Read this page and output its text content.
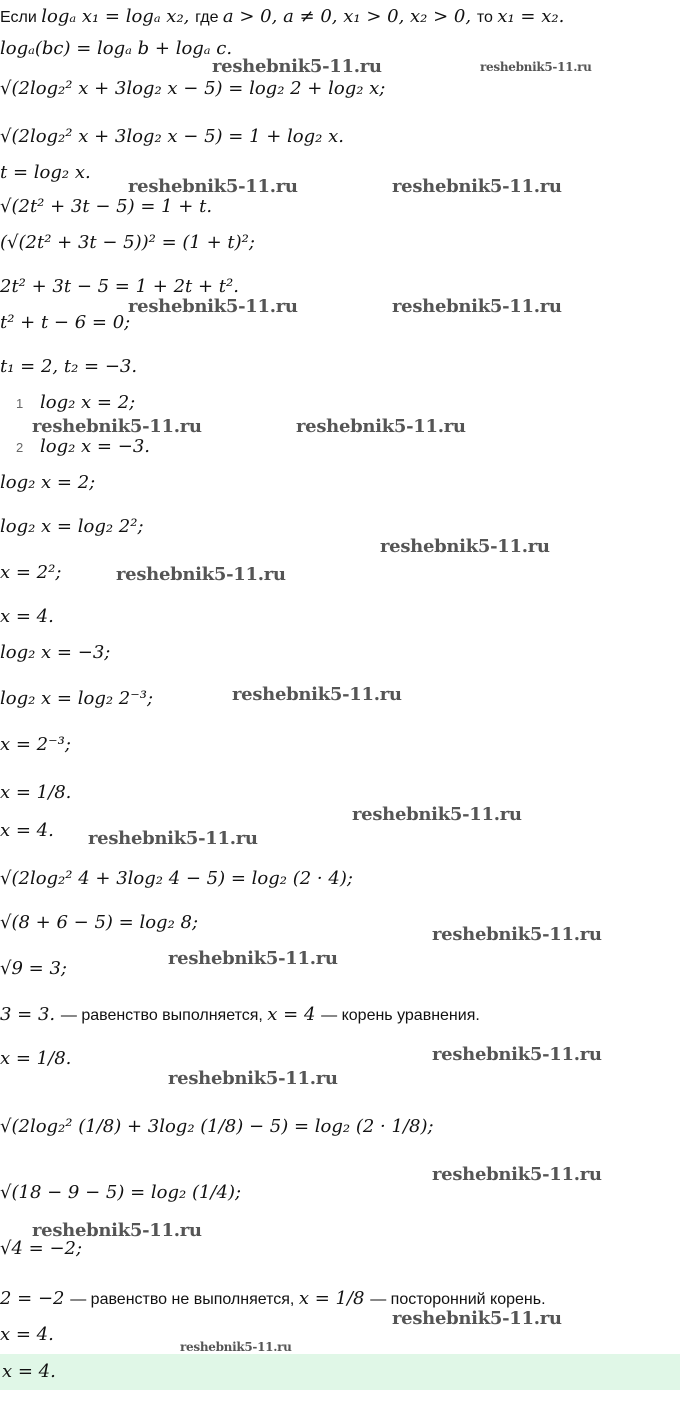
Если logₐ x₁ = logₐ x₂, где a > 0, a ≠ 0, x₁ > 0, x₂ > 0, то x₁ = x₂.
logₐ(bc) = logₐ b + logₐ c.
√(2log₂² x + 3log₂ x − 5) = log₂ 2 + log₂ x;
√(2log₂² x + 3log₂ x − 5) = 1 + log₂ x.
t = log₂ x.
√(2t² + 3t − 5) = 1 + t.
(√(2t² + 3t − 5))² = (1 + t)²;
2t² + 3t − 5 = 1 + 2t + t².
t² + t − 6 = 0;
t₁ = 2, t₂ = −3.
1 log₂ x = 2;
2 log₂ x = −3.
log₂ x = 2;
log₂ x = log₂ 2²;
x = 2²;
x = 4.
log₂ x = −3;
log₂ x = log₂ 2⁻³;
x = 2⁻³;
x = 1/8.
x = 4.
√(2log₂² 4 + 3log₂ 4 − 5) = log₂ (2 · 4);
√(8 + 6 − 5) = log₂ 8;
√9 = 3;
3 = 3. — равенство выполняется, x = 4 — корень уравнения.
x = 1/8.
√(2log₂² (1/8) + 3log₂ (1/8) − 5) = log₂ (2 · 1/8);
√(18 − 9 − 5) = log₂ (1/4);
√4 = −2;
2 = −2 — равенство не выполняется, x = 1/8 — посторонний корень.
x = 4.
x = 4.
reshebnik5-11.ru	reshebnik5-11.ru
reshebnik5-11.ru	reshebnik5-11.ru
reshebnik5-11.ru	reshebnik5-11.ru
reshebnik5-11.ru	reshebnik5-11.ru
reshebnik5-11.ru
reshebnik5-11.ru
reshebnik5-11.ru
reshebnik5-11.ru
reshebnik5-11.ru
reshebnik5-11.ru
reshebnik5-11.ru
reshebnik5-11.ru
reshebnik5-11.ru
reshebnik5-11.ru
reshebnik5-11.ru
reshebnik5-11.ru
reshebnik5-11.ru
